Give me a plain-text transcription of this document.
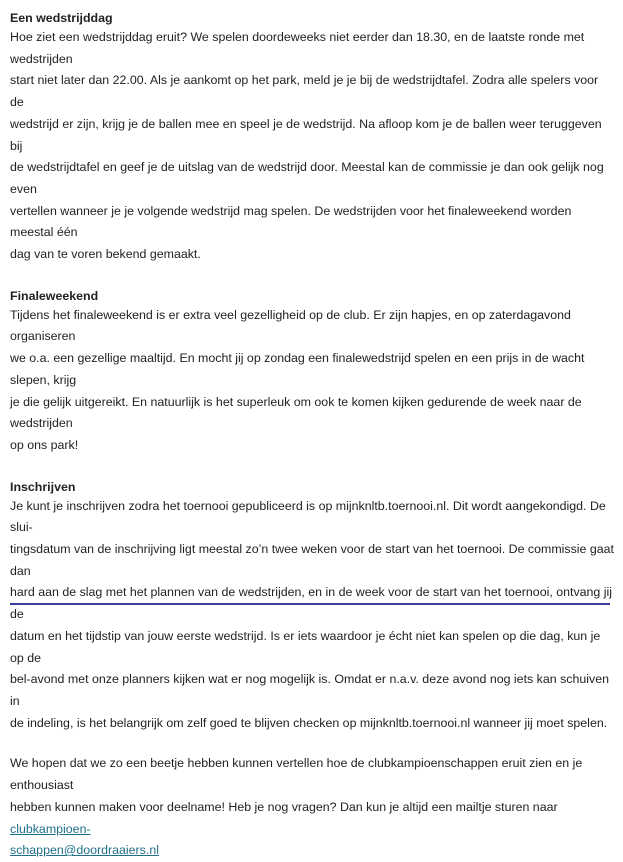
Een wedstrijddag

Hoe ziet een wedstrijddag eruit? We spelen doordeweeks niet eerder dan 18.30, en de laatste ronde met wedstrijden
start niet later dan 22.00. Als je aankomt op het park, meld je je bij de wedstrijdtafel. Zodra alle spelers voor de
wedstrijd er zijn, krijg je de ballen mee en speel je de wedstrijd. Na afloop kom je de ballen weer teruggeven bij
de wedstrijdtafel en geef je de uitslag van de wedstrijd door. Meestal kan de commissie je dan ook gelijk nog even
vertellen wanneer je je volgende wedstrijd mag spelen. De wedstrijden voor het finaleweekend worden meestal één
dag van te voren bekend gemaakt.

Finaleweekend

Tijdens het finaleweekend is er extra veel gezelligheid op de club. Er zijn hapjes, en op zaterdagavond organiseren
we o.a. een gezellige maaltijd. En mocht jij op zondag een finalewedstrijd spelen en een prijs in de wacht slepen, krijg
je die gelijk uitgereikt. En natuurlijk is het superleuk om ook te komen kijken gedurende de week naar de wedstrijden
op ons park!

Inschrijven

Je kunt je inschrijven zodra het toernooi gepubliceerd is op mijnknltb.toernooi.nl. Dit wordt aangekondigd. De slui-
tingsdatum van de inschrijving ligt meestal zo’n twee weken voor de start van het toernooi. De commissie gaat dan
hard aan de slag met het plannen van de wedstrijden, en in de week voor de start van het toernooi, ontvang jij de
datum en het tijdstip van jouw eerste wedstrijd. Is er iets waardoor je écht niet kan spelen op die dag, kun je op de
bel-avond met onze planners kijken wat er nog mogelijk is. Omdat er n.a.v. deze avond nog iets kan schuiven in
de indeling, is het belangrijk om zelf goed te blijven checken op mijnknltb.toernooi.nl wanneer jij moet spelen.
We hopen dat we zo een beetje hebben kunnen vertellen hoe de clubkampioenschappen eruit zien en je enthousiast
hebben kunnen maken voor deelname! Heb je nog vragen? Dan kun je altijd een mailtje sturen naar clubkampioen-
schappen@doordraaiers.nl
